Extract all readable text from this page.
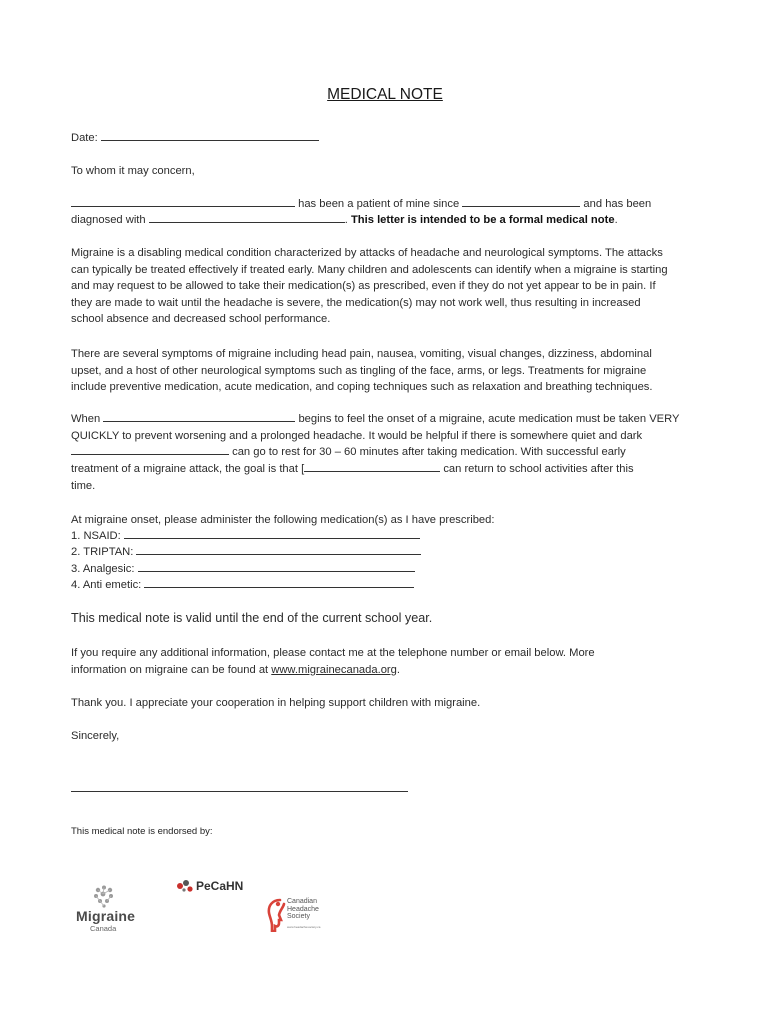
MEDICAL NOTE
Date:
To whom it may concern,
has been a patient of mine since	and has been
diagnosed with	. This letter is intended to be a formal medical note.

Migraine is a disabling medical condition characterized by attacks of headache and neurological symptoms. The attacks can typically be treated effectively if treated early. Many children and adolescents can identify when a migraine is starting and may request to be allowed to take their medication(s) as prescribed, even if they do not yet appear to be in pain. If they are made to wait until the headache is severe, the medication(s) may not work well, thus resulting in increased school absence and decreased school performance.

There are several symptoms of migraine including head pain, nausea, vomiting, visual changes, dizziness, abdominal upset, and a host of other neurological symptoms such as tingling of the face, arms, or legs. Treatments for migraine include preventive medication, acute medication, and coping techniques such as relaxation and breathing techniques.

When	begins to feel the onset of a migraine, acute medication must be taken VERY
QUICKLY to prevent worsening and a prolonged headache. It would be helpful if there is somewhere quiet and dark
can go to rest for 30 – 60 minutes after taking medication. With successful early
treatment of a migraine attack, the goal is that [	can return to school activities after this
time.
At migraine onset, please administer the following medication(s) as I have prescribed:
1. NSAID:
2. TRIPTAN:
3. Analgesic:
4. Anti emetic:
This medical note is valid until the end of the current school year.
If you require any additional information, please contact me at the telephone number or email below. More
information on migraine can be found at www.migrainecanada.org.
Thank you. I appreciate your cooperation in helping support children with migraine.
Sincerely,
This medical note is endorsed by:
Migraine
Canada
PeCaHN
Canadian
Headache
Society
www.headachesociety.ca
